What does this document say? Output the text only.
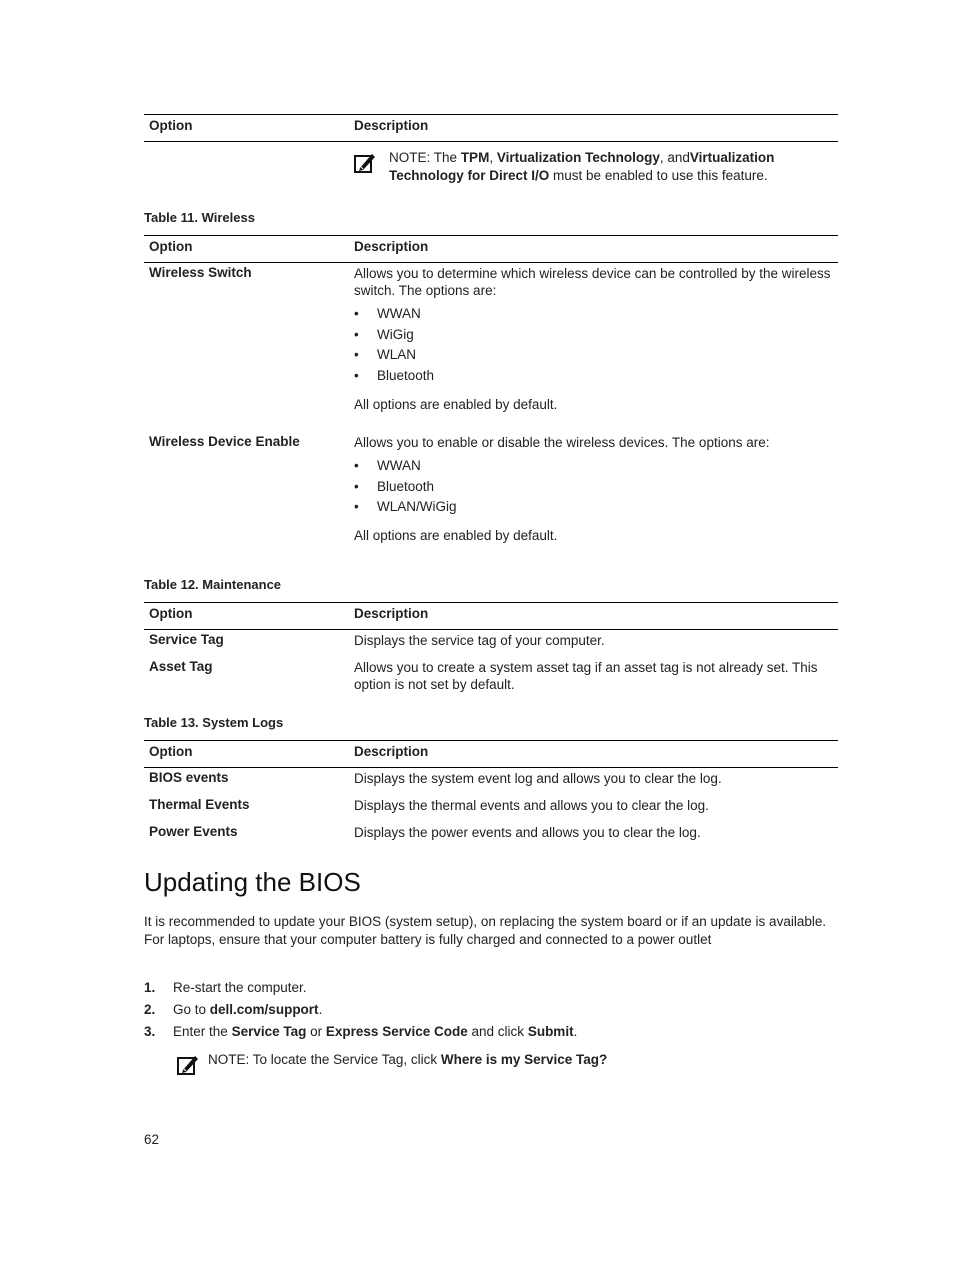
Option	Description
NOTE: The TPM, Virtualization Technology, andVirtualization Technology for Direct I/O must be enabled to use this feature.
Table 11. Wireless
Option	Description
Wireless Switch	Allows you to determine which wireless device can be controlled by the wireless switch. The options are:
• WWAN
• WiGig
• WLAN
• Bluetooth
All options are enabled by default.
Wireless Device Enable	Allows you to enable or disable the wireless devices. The options are:
• WWAN
• Bluetooth
• WLAN/WiGig
All options are enabled by default.
Table 12. Maintenance
Option	Description
Service Tag	Displays the service tag of your computer.
Asset Tag	Allows you to create a system asset tag if an asset tag is not already set. This option is not set by default.
Table 13. System Logs
Option	Description
BIOS events	Displays the system event log and allows you to clear the log.
Thermal Events	Displays the thermal events and allows you to clear the log.
Power Events	Displays the power events and allows you to clear the log.
Updating the BIOS
It is recommended to update your BIOS (system setup), on replacing the system board or if an update is available. For laptops, ensure that your computer battery is fully charged and connected to a power outlet
1. Re-start the computer.
2. Go to dell.com/support.
3. Enter the Service Tag or Express Service Code and click Submit.
NOTE: To locate the Service Tag, click Where is my Service Tag?
62
